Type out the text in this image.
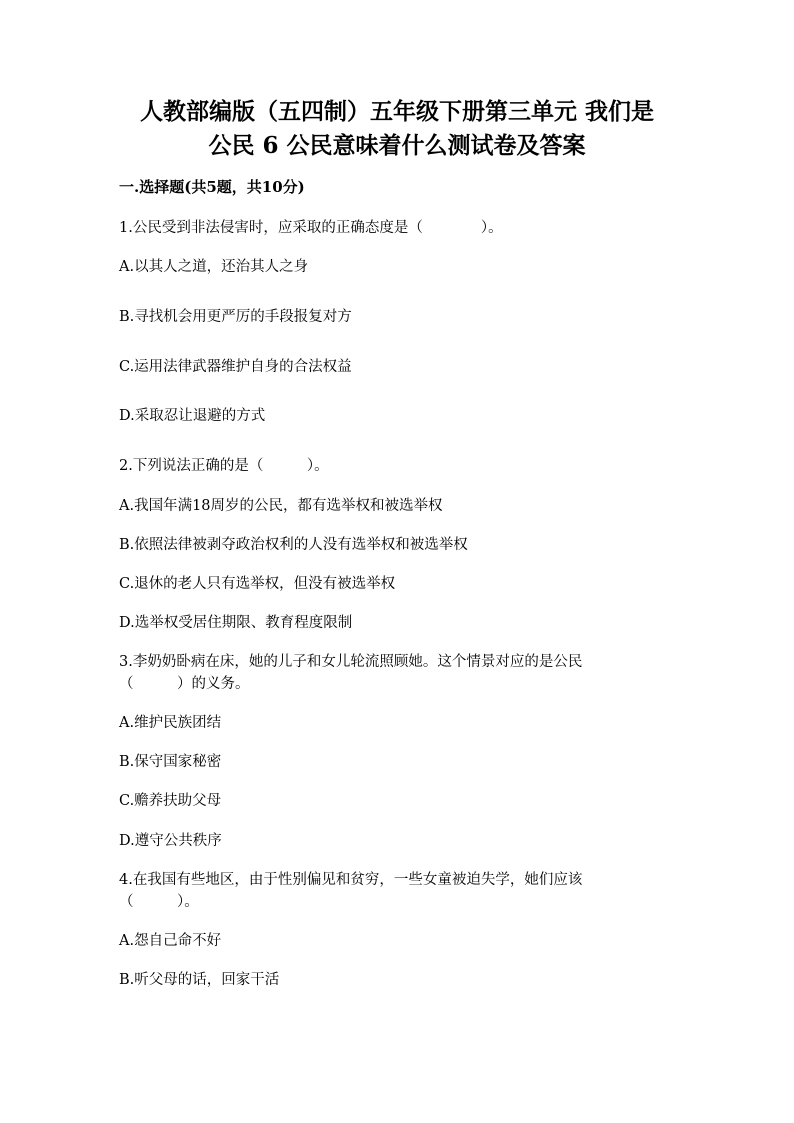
人教部编版（五四制）五年级下册第三单元 我们是
公民 6 公民意味着什么测试卷及答案
一.选择题(共5题，共10分)
1.公民受到非法侵害时，应采取的正确态度是（　　　　）。
A.以其人之道，还治其人之身
B.寻找机会用更严厉的手段报复对方
C.运用法律武器维护自身的合法权益
D.采取忍让退避的方式
2.下列说法正确的是（　　　）。
A.我国年满18周岁的公民，都有选举权和被选举权
B.依照法律被剥夺政治权利的人没有选举权和被选举权
C.退休的老人只有选举权，但没有被选举权
D.选举权受居住期限、教育程度限制
3.李奶奶卧病在床，她的儿子和女儿轮流照顾她。这个情景对应的是公民
（　　　）的义务。
A.维护民族团结
B.保守国家秘密
C.赡养扶助父母
D.遵守公共秩序
4.在我国有些地区，由于性别偏见和贫穷，一些女童被迫失学，她们应该
（　　　）。
A.怨自己命不好
B.听父母的话，回家干活
